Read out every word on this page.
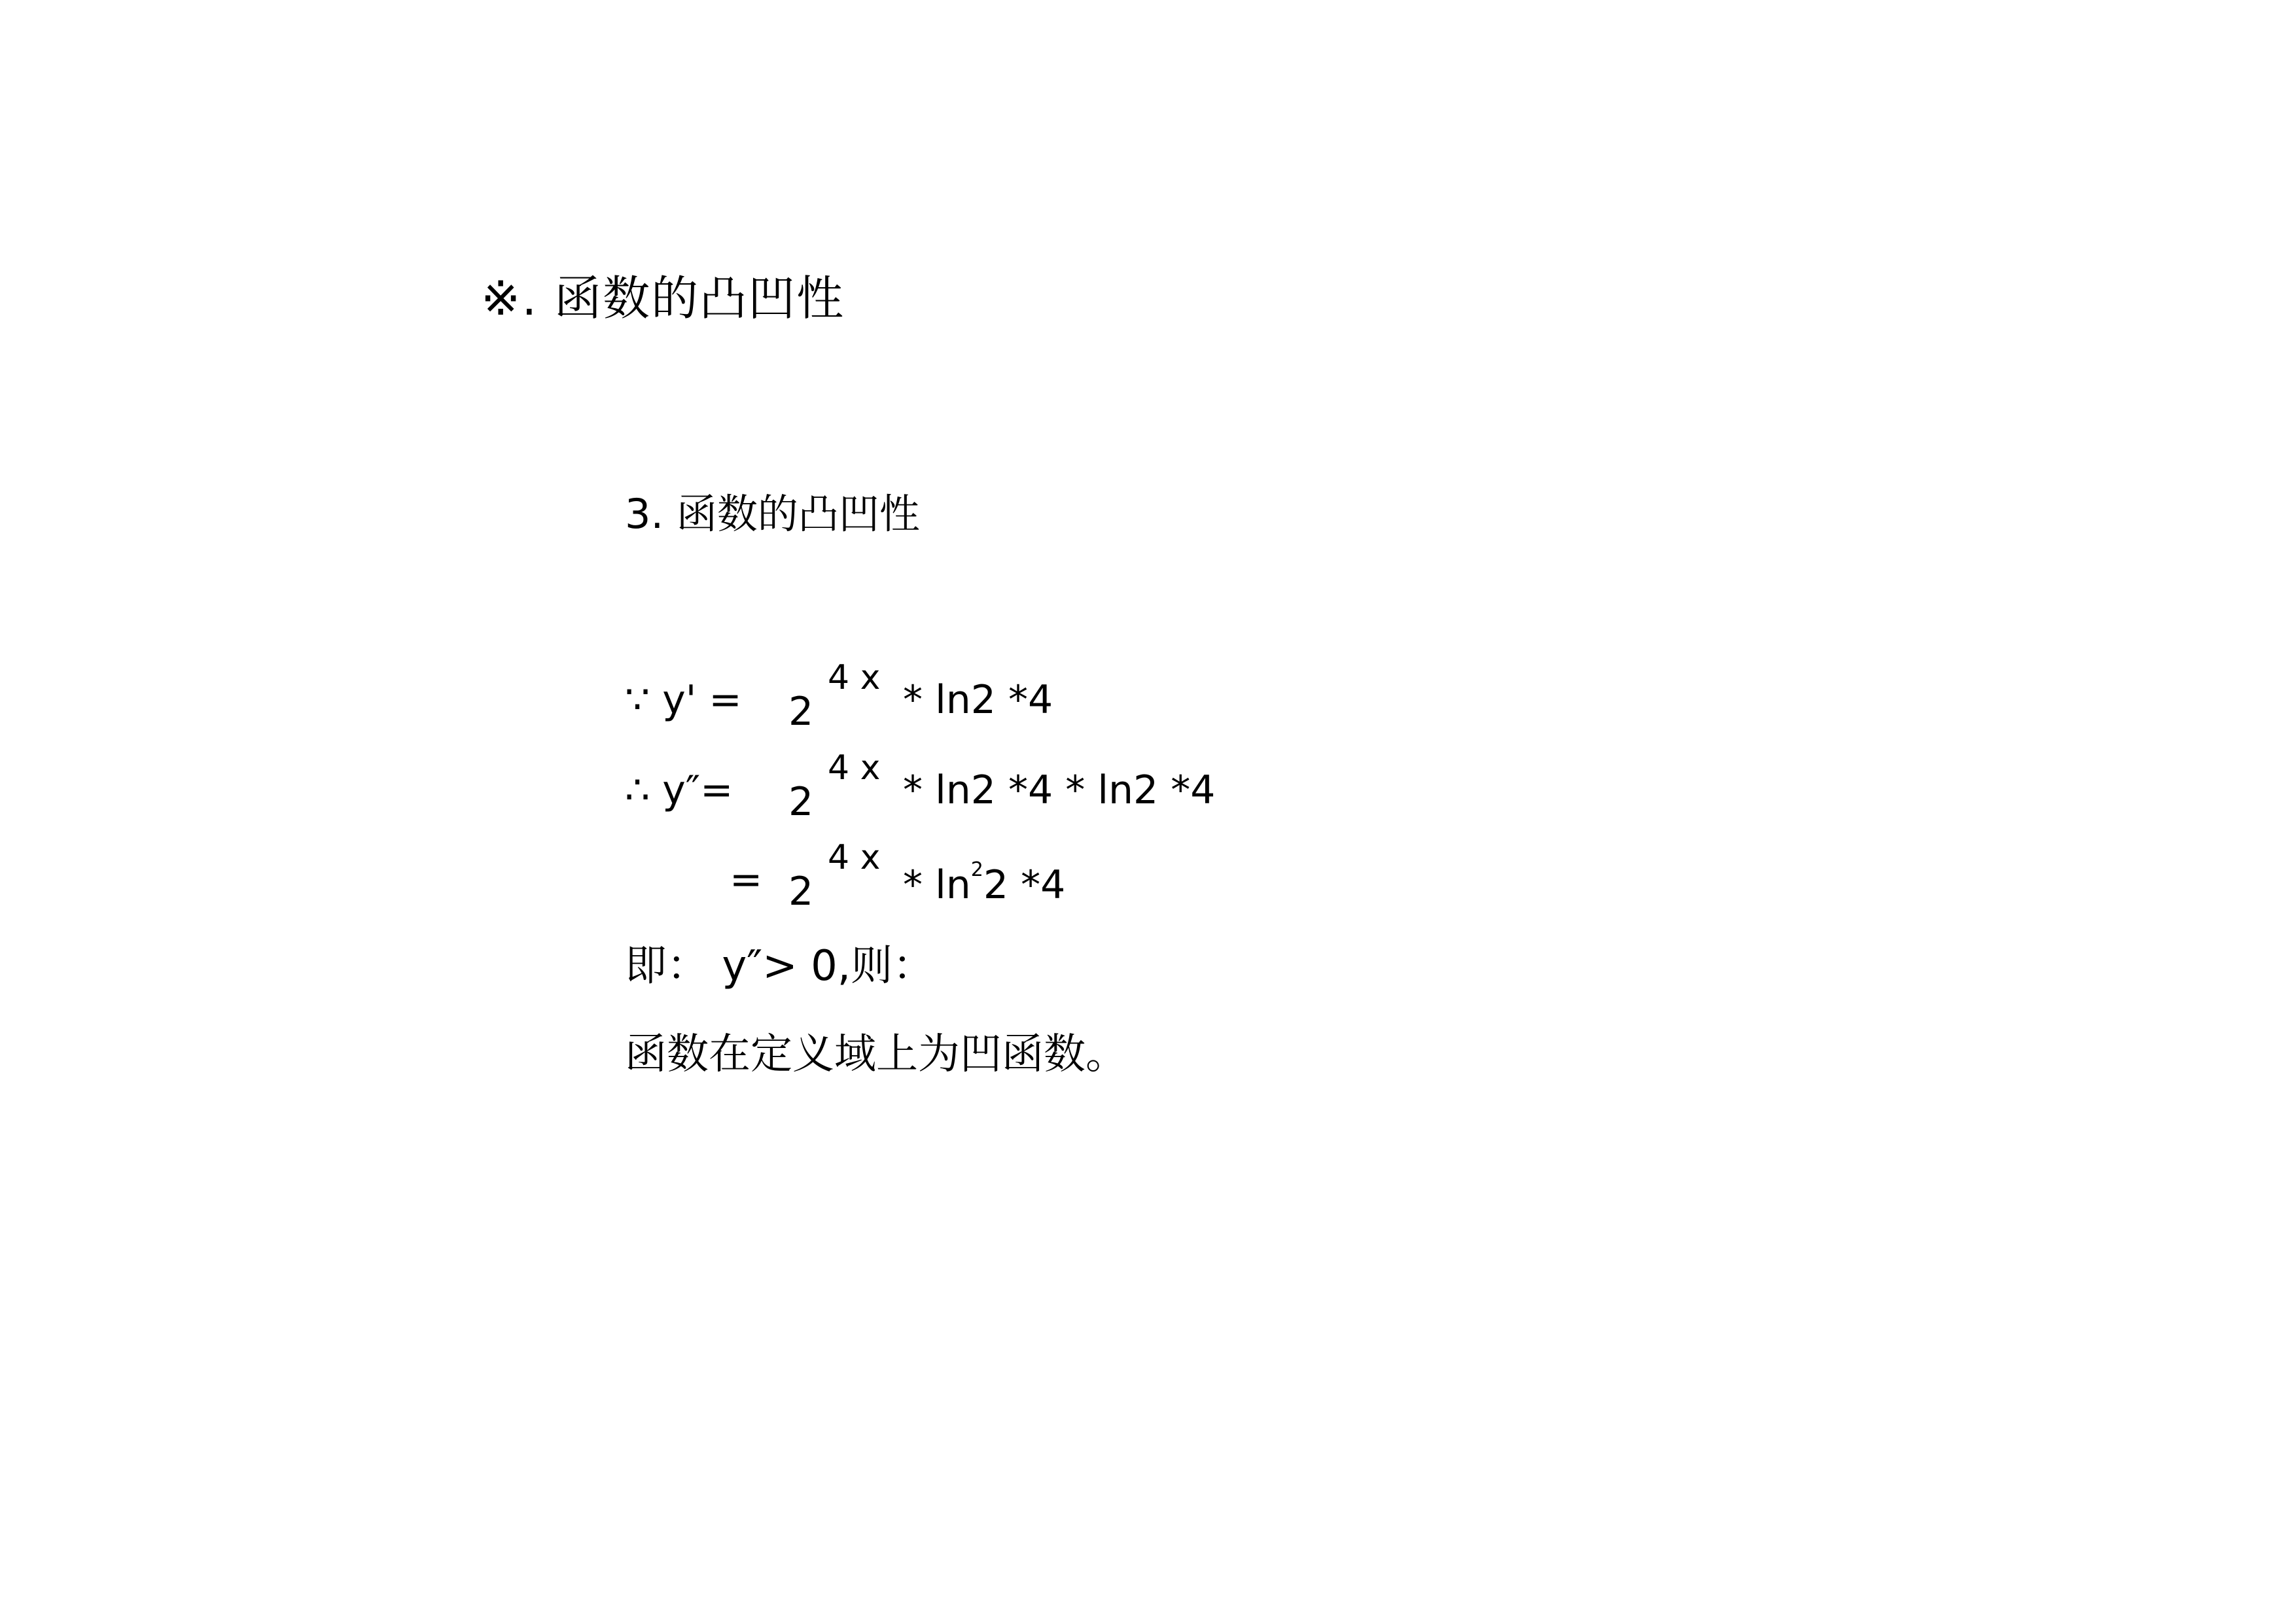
※. 函数的凸凹性
3. 函数的凸凹性
∵ y' = 2
4 x * ln2 *4
∴ y″= 2
4 x * ln2 *4 * ln2 *4
= 2
4 x
* $\ln^22$ *4
即： y″> 0,则：
函数在定义域上为凹函数。
